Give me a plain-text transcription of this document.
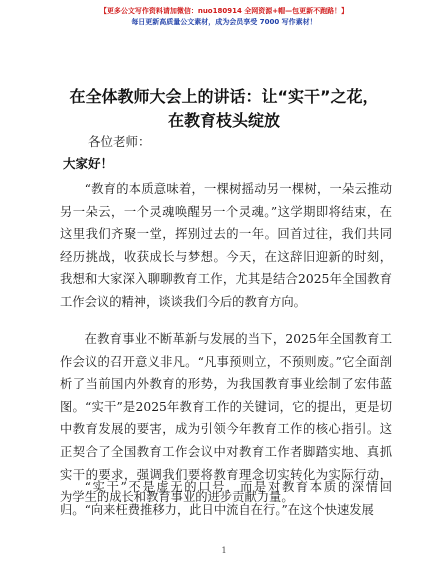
【更多公文写作资料请加微信：nuo180914 全网资源+帽—包更新不跑路！】
每日更新高质量公文素材，成为会员享受 7000 写作素材！
在全体教师大会上的讲话：让“实干”之花，
在教育枝头绽放
各位老师：
大家好！

“教育的本质意味着，一棵树摇动另一棵树，一朵云推动另一朵云，一个灵魂唤醒另一个灵魂。”这学期即将结束，在这里我们齐聚一堂，挥别过去的一年。回首过往，我们共同经历挑战，收获成长与梦想。今天，在这辞旧迎新的时刻，我想和大家深入聊聊教育工作，尤其是结合2025年全国教育工作会议的精神，谈谈我们今后的教育方向。

在教育事业不断革新与发展的当下，2025年全国教育工作会议的召开意义非凡。“凡事预则立，不预则废。”它全面剖析了当前国内外教育的形势，为我国教育事业绘制了宏伟蓝图。“实干”是2025年教育工作的关键词，它的提出，更是切中教育发展的要害，成为引领今年教育工作的核心指引。这正契合了全国教育工作会议中对教育工作者脚踏实地、真抓实干的要求，强调我们要将教育理念切实转化为实际行动，为学生的成长和教育事业的进步贡献力量。

“实干”不是虚无的口号，而是对教育本质的深情回归。“向来枉费推移力，此日中流自在行。”在这个快速发展

1
